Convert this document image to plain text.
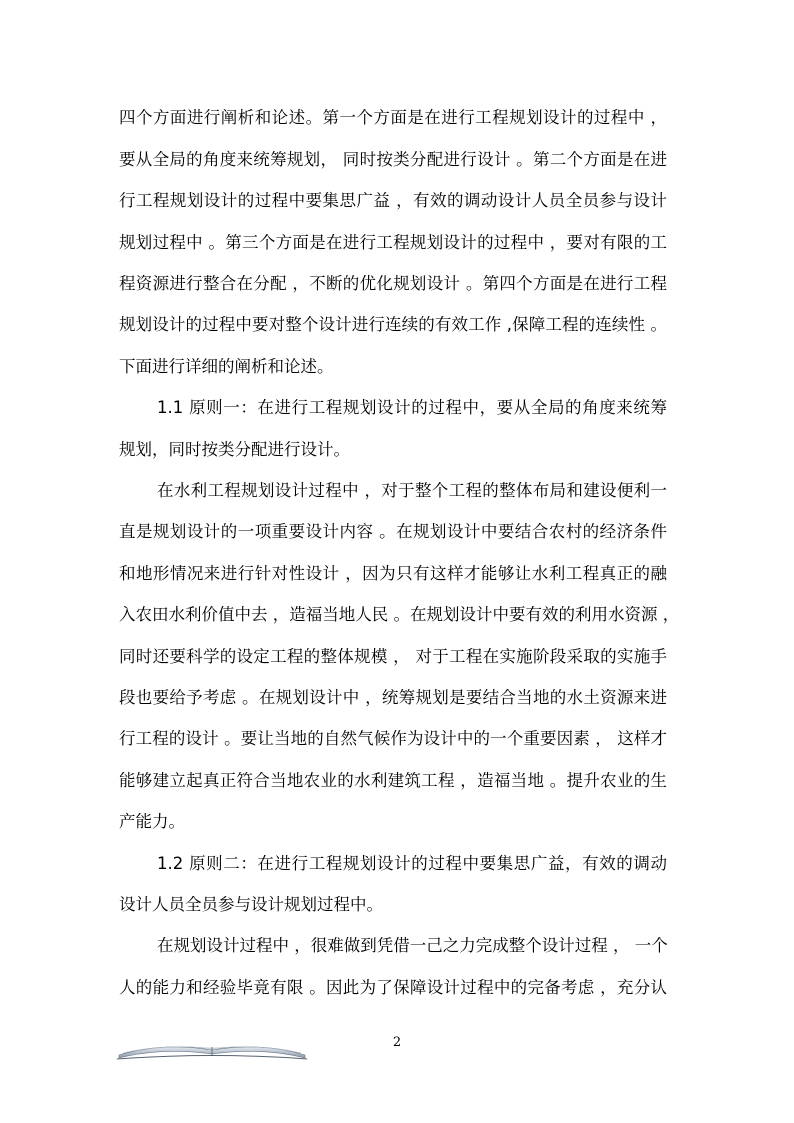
四个方面进行阐析和论述。第一个方面是在进行工程规划设计的过程中 ，
要从全局的角度来统筹规划， 同时按类分配进行设计 。第二个方面是在进
行工程规划设计的过程中要集思广益 ，有效的调动设计人员全员参与设计
规划过程中 。第三个方面是在进行工程规划设计的过程中 ，要对有限的工
程资源进行整合在分配 ，不断的优化规划设计 。第四个方面是在进行工程
规划设计的过程中要对整个设计进行连续的有效工作 ,保障工程的连续性 。
下面进行详细的阐析和论述。
1.1 原则一：在进行工程规划设计的过程中，要从全局的角度来统筹
规划，同时按类分配进行设计。
在水利工程规划设计过程中 ，对于整个工程的整体布局和建设便利一
直是规划设计的一项重要设计内容 。在规划设计中要结合农村的经济条件
和地形情况来进行针对性设计 ，因为只有这样才能够让水利工程真正的融
入农田水利价值中去 ，造福当地人民 。在规划设计中要有效的利用水资源 ，
同时还要科学的设定工程的整体规模 ， 对于工程在实施阶段采取的实施手
段也要给予考虑 。在规划设计中 ，统筹规划是要结合当地的水土资源来进
行工程的设计 。要让当地的自然气候作为设计中的一个重要因素 ， 这样才
能够建立起真正符合当地农业的水利建筑工程 ，造福当地 。提升农业的生
产能力。
1.2 原则二：在进行工程规划设计的过程中要集思广益，有效的调动
设计人员全员参与设计规划过程中。
在规划设计过程中 ，很难做到凭借一己之力完成整个设计过程 ， 一个
人的能力和经验毕竟有限 。因此为了保障设计过程中的完备考虑 ，充分认
2
